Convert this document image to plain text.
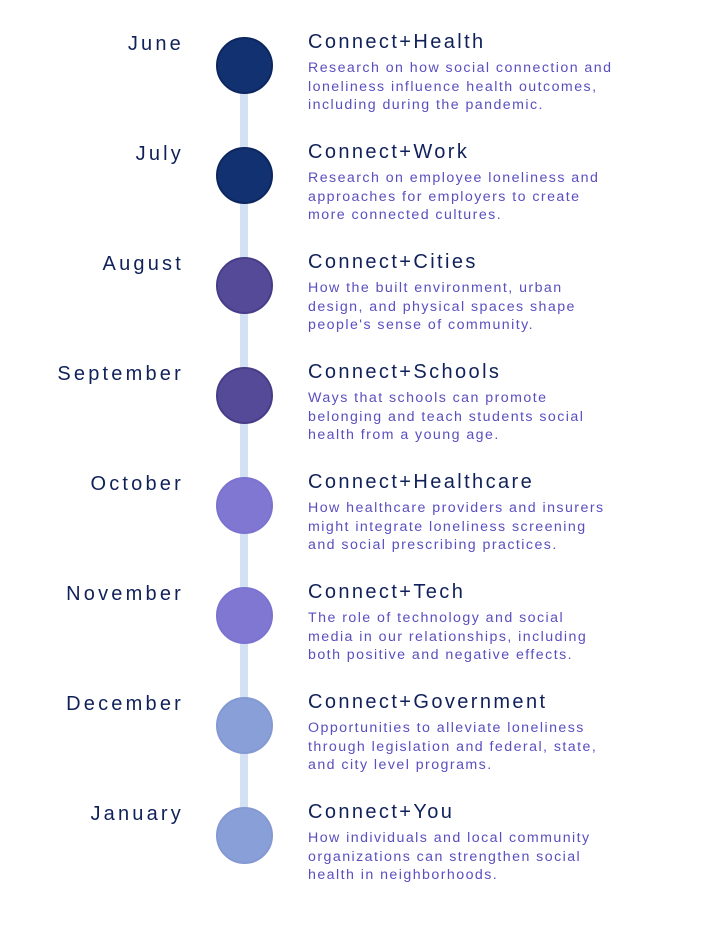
June	Connect+Health
Research on how social connection and
loneliness influence health outcomes,
including during the pandemic.
July	Connect+Work
Research on employee loneliness and
approaches for employers to create
more connected cultures.
August	Connect+Cities
How the built environment, urban
design, and physical spaces shape
people's sense of community.
September	Connect+Schools
Ways that schools can promote
belonging and teach students social
health from a young age.
October	Connect+Healthcare
How healthcare providers and insurers
might integrate loneliness screening
and social prescribing practices.
November	Connect+Tech
The role of technology and social
media in our relationships, including
both positive and negative effects.
December	Connect+Government
Opportunities to alleviate loneliness
through legislation and federal, state,
and city level programs.
January	Connect+You
How individuals and local community
organizations can strengthen social
health in neighborhoods.
